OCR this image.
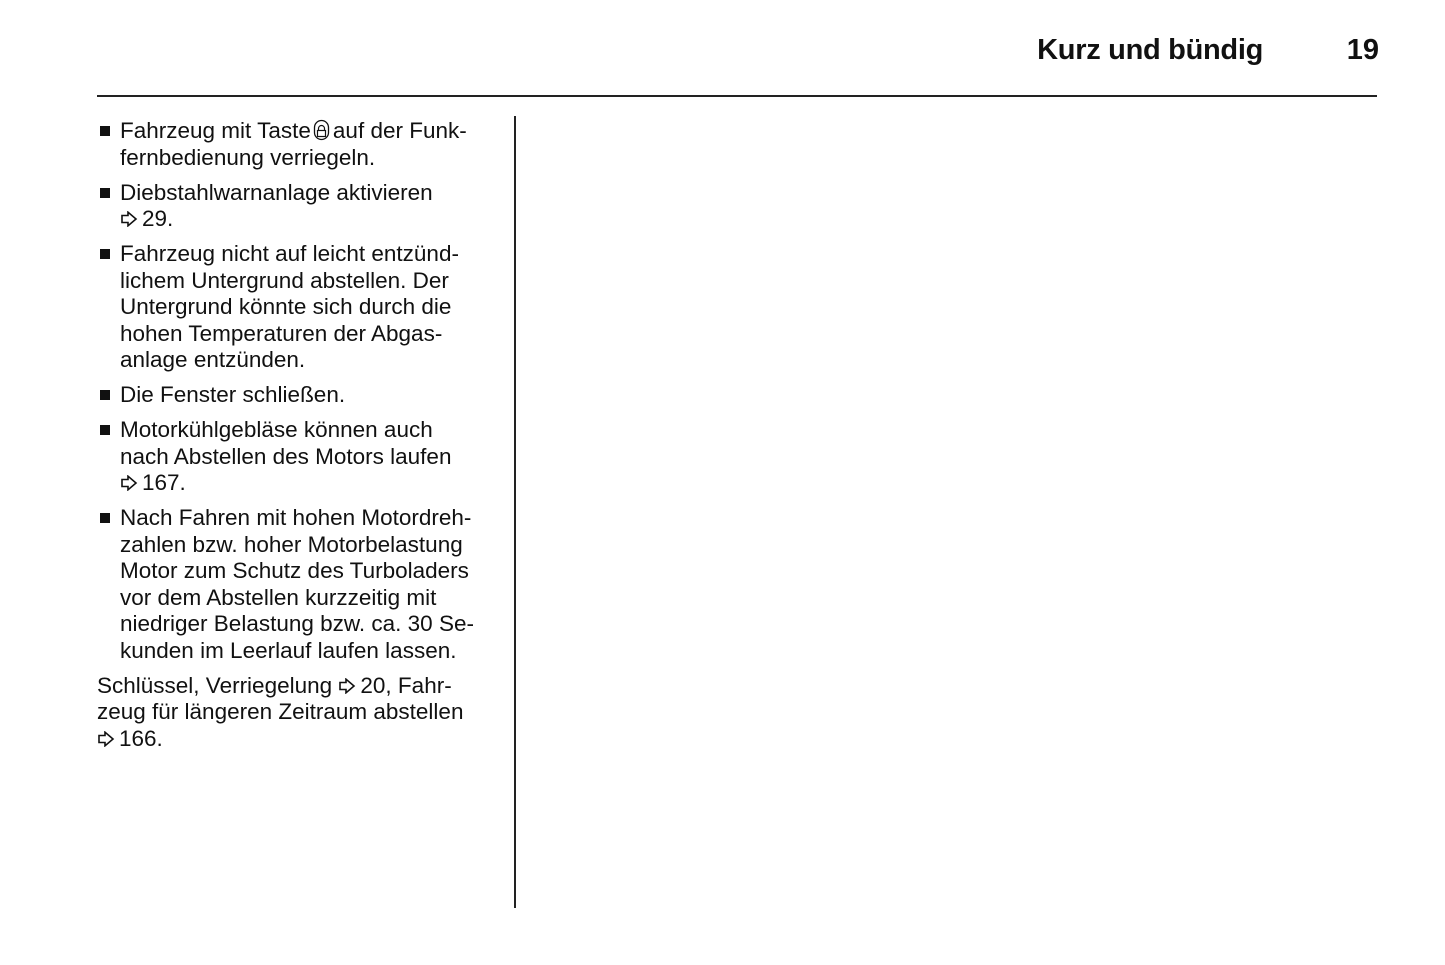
Kurz und bündig	19
Fahrzeug mit Taste auf der Funk-
fernbedienung verriegeln.
Diebstahlwarnanlage aktivieren
29.
Fahrzeug nicht auf leicht entzünd-
lichem Untergrund abstellen. Der
Untergrund könnte sich durch die
hohen Temperaturen der Abgas-
anlage entzünden.
Die Fenster schließen.
Motorkühlgebläse können auch
nach Abstellen des Motors laufen
167.
Nach Fahren mit hohen Motordreh-
zahlen bzw. hoher Motorbelastung
Motor zum Schutz des Turboladers
vor dem Abstellen kurzzeitig mit
niedriger Belastung bzw. ca. 30 Se-
kunden im Leerlauf laufen lassen.

Schlüssel, Verriegelung 20, Fahr-
zeug für längeren Zeitraum abstellen
166.
